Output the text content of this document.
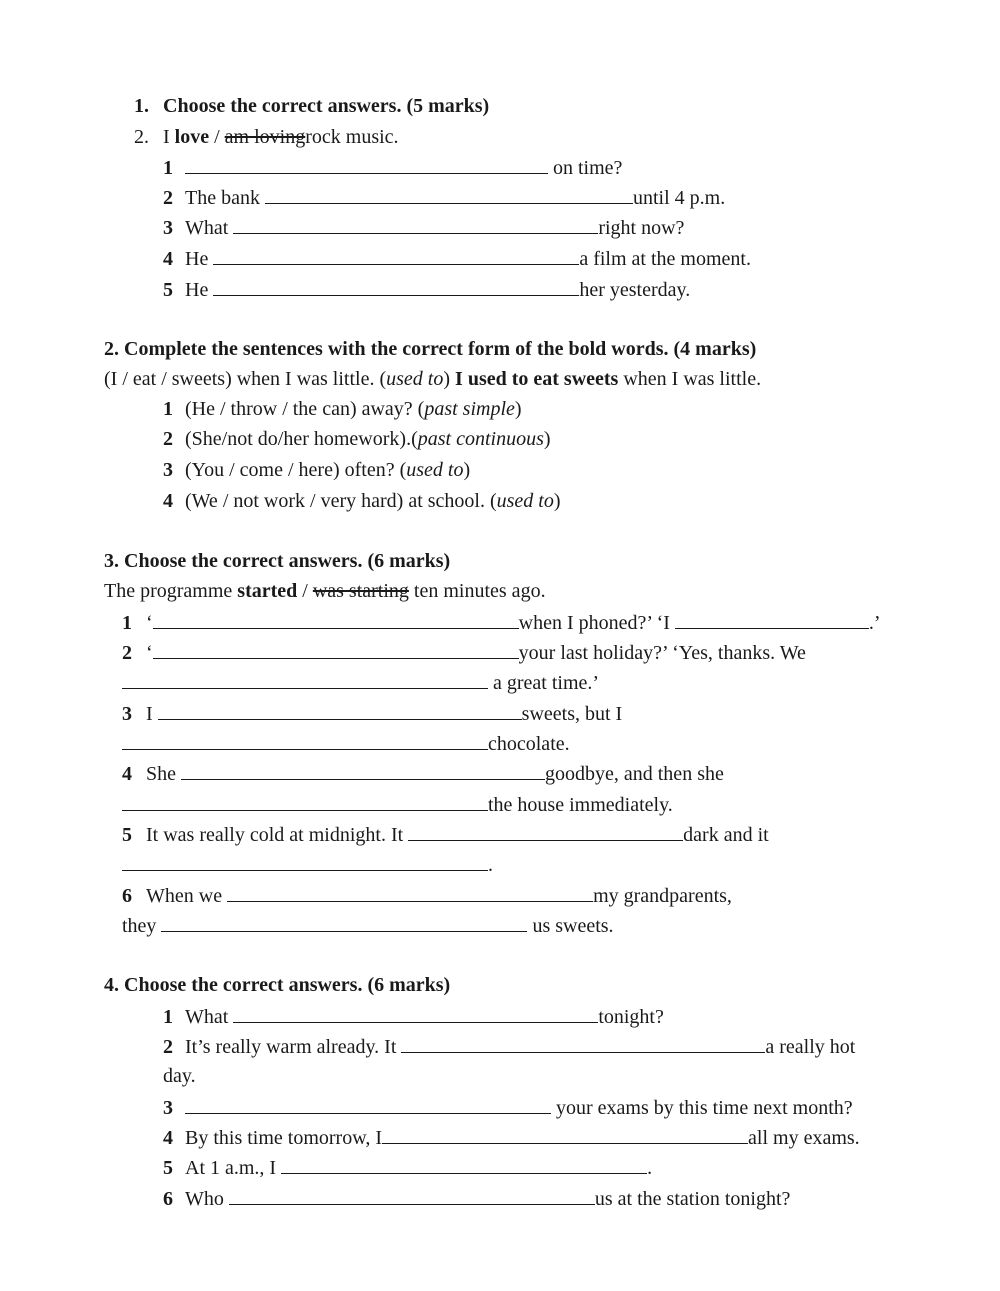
1. Choose the correct answers. (5 marks)
2. I love / am lovingrock music.
1	on time?
2 The bank	until 4 p.m.
3 What	right now?
4 He	a film at the moment.
5 He	her yesterday.
2. Complete the sentences with the correct form of the bold words. (4 marks)
(I / eat / sweets) when I was little. (used to) I used to eat sweets when I was little.
1 (He / throw / the can) away? (past simple)
2 (She/not do/her homework).(past continuous)
3 (You / come / here) often? (used to)
4 (We / not work / very hard) at school. (used to)
3. Choose the correct answers. (6 marks)
The programme started / was starting ten minutes ago.
1 ‘	when I phoned?’ ‘I	.’
2 ‘	your last holiday?’ ‘Yes, thanks. We
a great time.’
3 I	sweets, but I
chocolate.
4 She	goodbye, and then she
the house immediately.
5 It was really cold at midnight. It	dark and it
.
6 When we	my grandparents,
they	us sweets.
4. Choose the correct answers. (6 marks)
1 What	tonight?
2 It’s really warm already. It	a really hot
day.
3	your exams by this time next month?
4 By this time tomorrow, I	all my exams.
5 At 1 a.m., I	.
6 Who	us at the station tonight?
